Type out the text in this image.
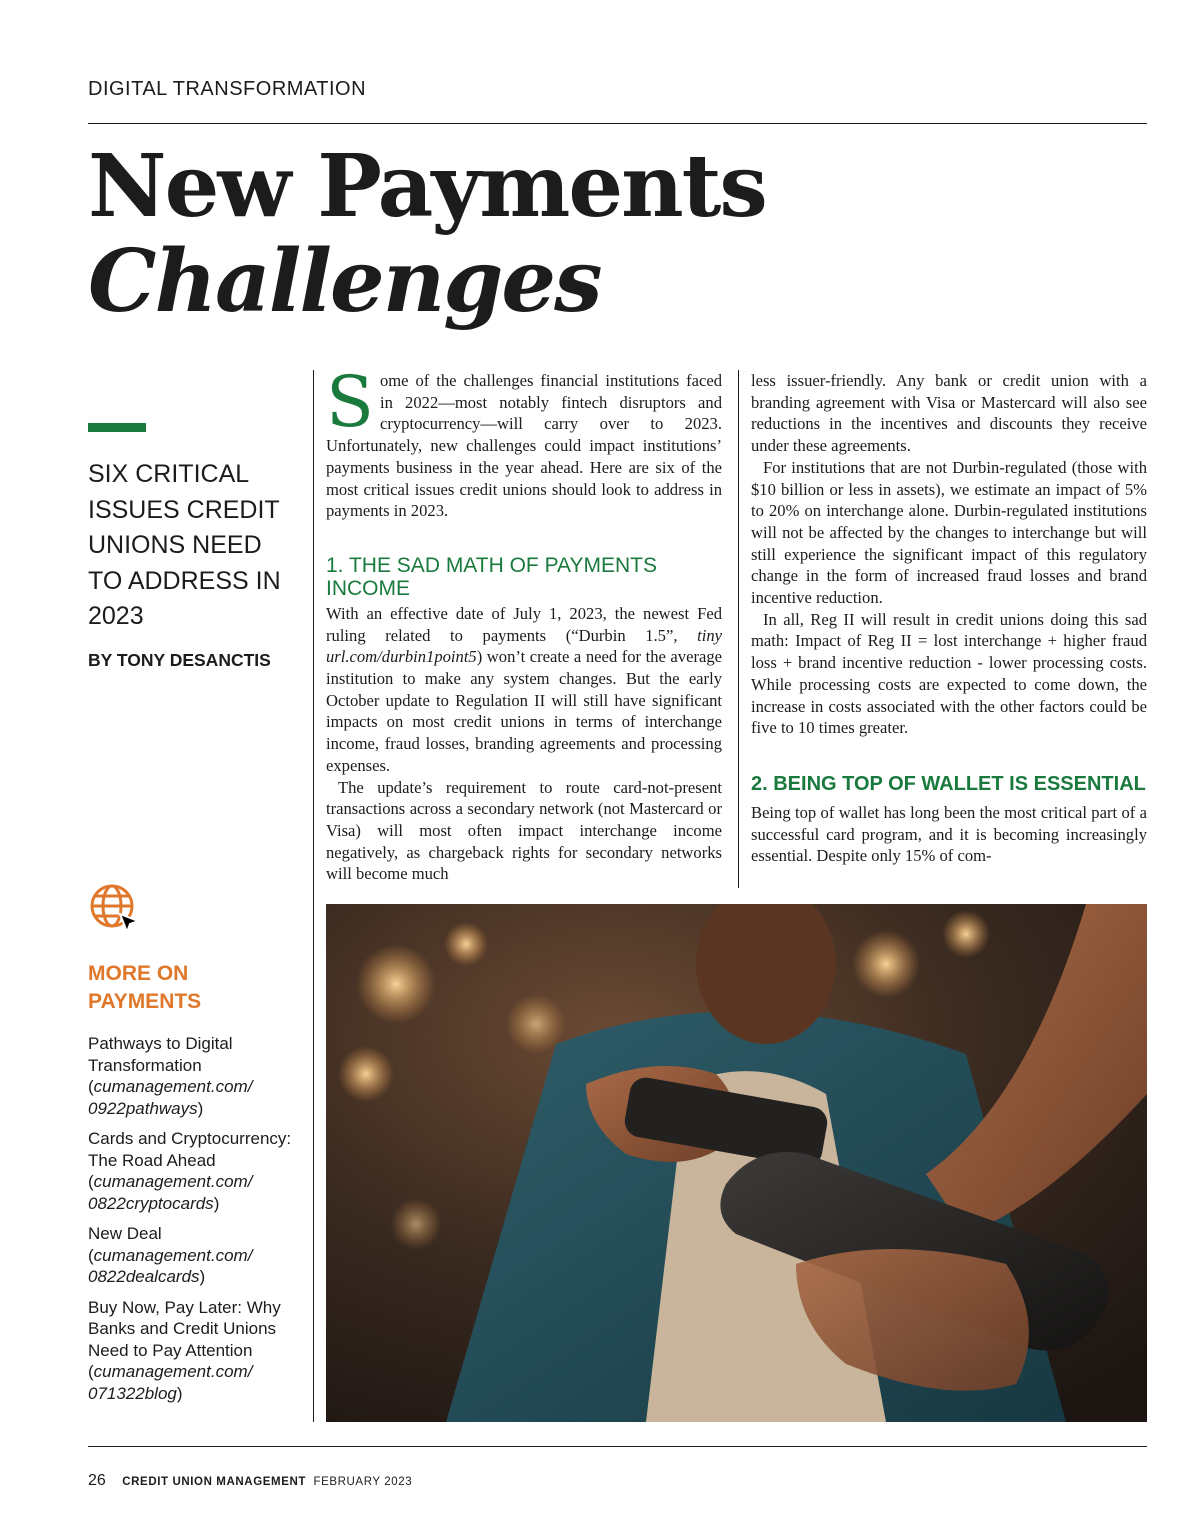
DIGITAL TRANSFORMATION
New Payments
Challenges
SIX CRITICAL ISSUES CREDIT UNIONS NEED TO ADDRESS IN 2023
BY TONY DESANCTIS
MORE ON PAYMENTS
Pathways to Digital Transformation
(cumanagement.com/ 0922pathways)
Cards and Cryptocurrency: The Road Ahead
(cumanagement.com/ 0822cryptocards)
New Deal
(cumanagement.com/ 0822dealcards)
Buy Now, Pay Later: Why Banks and Credit Unions Need to Pay Attention
(cumanagement.com/ 071322blog)

Some of the challenges financial institutions faced in 2022—most notably fintech disruptors and cryptocurrency—will carry over to 2023. Unfortunately, new challenges could impact institutions’ payments business in the year ahead. Here are six of the most critical issues credit unions should look to address in payments in 2023.

1. THE SAD MATH OF PAYMENTS INCOME

With an effective date of July 1, 2023, the newest Fed ruling related to payments (“Durbin 1.5”, tiny url.com/durbin1point5) won’t create a need for the average institution to make any system changes. But the early October update to Regulation II will still have significant impacts on most credit unions in terms of interchange income, fraud losses, branding agreements and processing expenses.

The update’s requirement to route card-not-present transactions across a secondary network (not Mastercard or Visa) will most often impact interchange income negatively, as chargeback rights for secondary networks will become much

less issuer-friendly. Any bank or credit union with a branding agreement with Visa or Mastercard will also see reductions in the incentives and discounts they receive under these agreements.

For institutions that are not Durbin-regulated (those with $10 billion or less in assets), we estimate an impact of 5% to 20% on interchange alone. Durbin-regulated institutions will not be affected by the changes to interchange but will still experience the significant impact of this regulatory change in the form of increased fraud losses and brand incentive reduction.

In all, Reg II will result in credit unions doing this sad math: Impact of Reg II = lost interchange + higher fraud loss + brand incentive reduction - lower processing costs. While processing costs are expected to come down, the increase in costs associated with the other factors could be five to 10 times greater.

2. BEING TOP OF WALLET IS ESSENTIAL

Being top of wallet has long been the most critical part of a successful card program, and it is becoming increasingly essential. Despite only 15% of com-

26 CREDIT UNION MANAGEMENT FEBRUARY 2023
